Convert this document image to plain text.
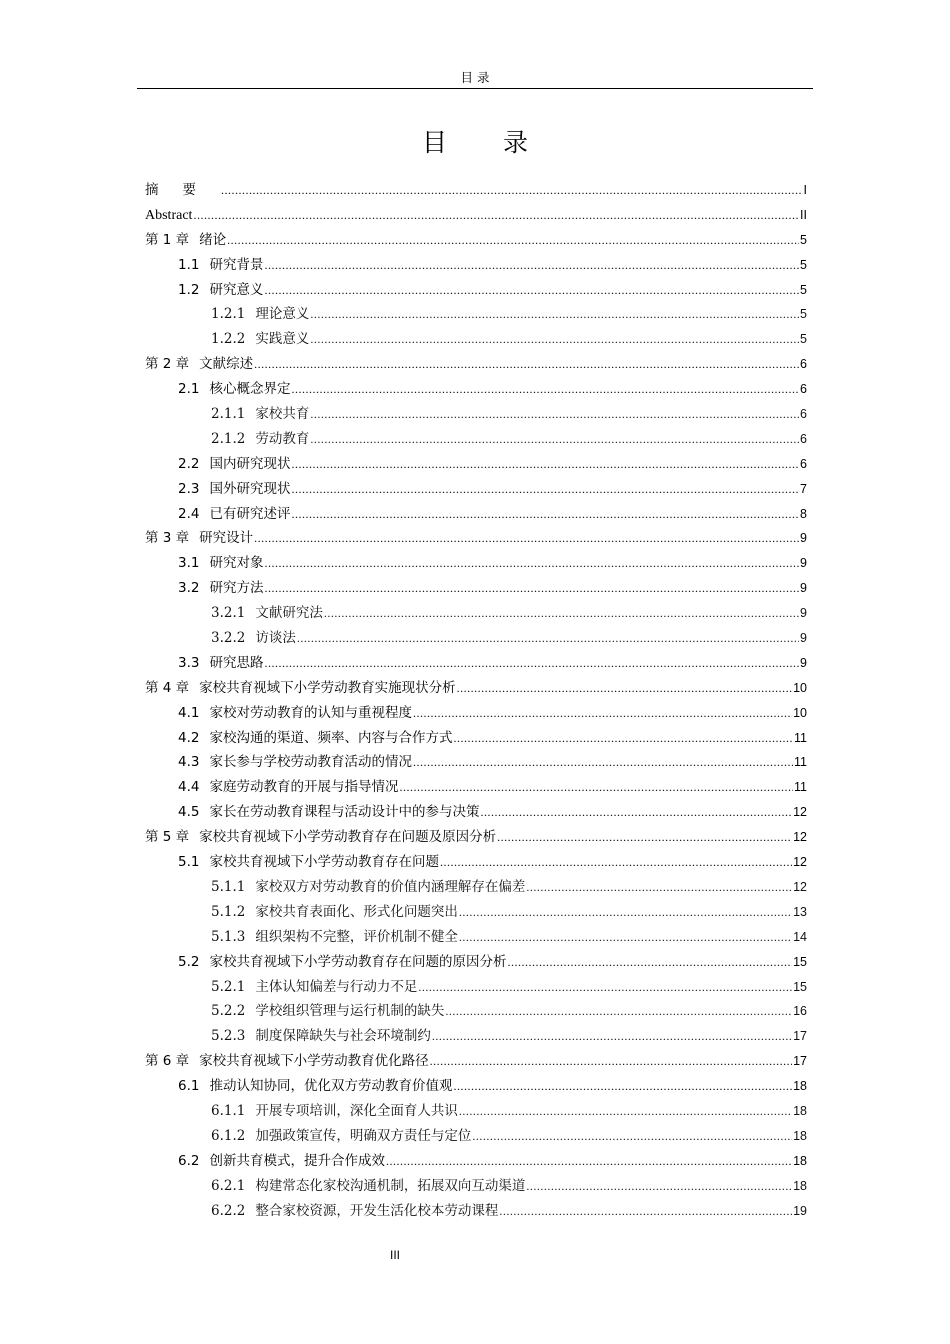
目 录
目 录
摘要 .....	I
Abstract .....	II
第 1 章 绪论 .....	5
1.1 研究背景 .....	5
1.2 研究意义 .....	5
1.2.1 理论意义 .....	5
1.2.2 实践意义 .....	5
第 2 章 文献综述 .....	6
2.1 核心概念界定 .....	6
2.1.1 家校共育 .....	6
2.1.2 劳动教育 .....	6
2.2 国内研究现状 .....	6
2.3 国外研究现状 .....	7
2.4 已有研究述评 .....	8
第 3 章 研究设计 .....	9
3.1 研究对象 .....	9
3.2 研究方法 .....	9
3.2.1 文献研究法 .....	9
3.2.2 访谈法 .....	9
3.3 研究思路 .....	9
第 4 章 家校共育视域下小学劳动教育实施现状分析 .....	10
4.1 家校对劳动教育的认知与重视程度 .....	10
4.2 家校沟通的渠道、频率、内容与合作方式 .....	11
4.3 家长参与学校劳动教育活动的情况 .....	11
4.4 家庭劳动教育的开展与指导情况 .....	11
4.5 家长在劳动教育课程与活动设计中的参与决策 .....	12
第 5 章 家校共育视域下小学劳动教育存在问题及原因分析 .....	12
5.1 家校共育视域下小学劳动教育存在问题 .....	12
5.1.1 家校双方对劳动教育的价值内涵理解存在偏差 .....	12
5.1.2 家校共育表面化、形式化问题突出 .....	13
5.1.3 组织架构不完整，评价机制不健全 .....	14
5.2 家校共育视域下小学劳动教育存在问题的原因分析 .....	15
5.2.1 主体认知偏差与行动力不足 .....	15
5.2.2 学校组织管理与运行机制的缺失 .....	16
5.2.3 制度保障缺失与社会环境制约 .....	17
第 6 章 家校共育视域下小学劳动教育优化路径 .....	17
6.1 推动认知协同，优化双方劳动教育价值观 .....	18
6.1.1 开展专项培训，深化全面育人共识 .....	18
6.1.2 加强政策宣传，明确双方责任与定位 .....	18
6.2 创新共育模式，提升合作成效 .....	18
6.2.1 构建常态化家校沟通机制，拓展双向互动渠道 .....	18
6.2.2 整合家校资源，开发生活化校本劳动课程 .....	19
III
